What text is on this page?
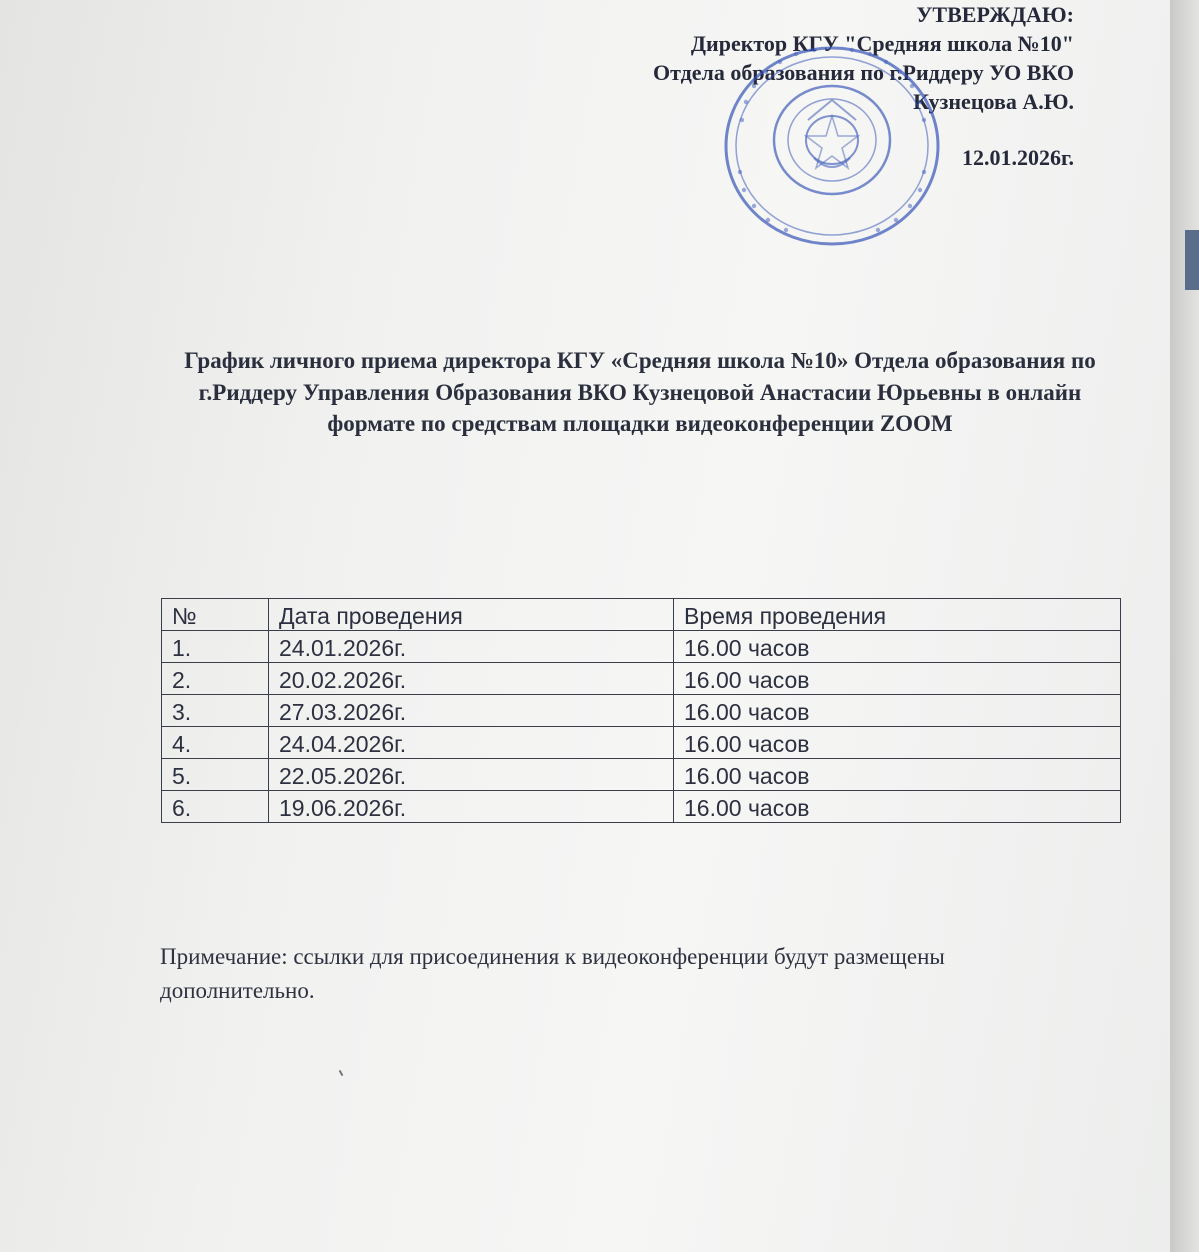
УТВЕРЖДАЮ:
Директор КГУ "Средняя школа №10"
Отдела образования по г.Риддеру УО ВКО
Кузнецова А.Ю.
12.01.2026г.
График личного приема директора КГУ «Средняя школа №10» Отдела образования по г.Риддеру Управления Образования ВКО Кузнецовой Анастасии Юрьевны в онлайн формате по средствам площадки видеоконференции ZOOM
№	Дата проведения	Время проведения
1.	24.01.2026г.	16.00 часов
2.	20.02.2026г.	16.00 часов
3.	27.03.2026г.	16.00 часов
4.	24.04.2026г.	16.00 часов
5.	22.05.2026г.	16.00 часов
6.	19.06.2026г.	16.00 часов
Примечание: ссылки для присоединения к видеоконференции будут размещены дополнительно.
